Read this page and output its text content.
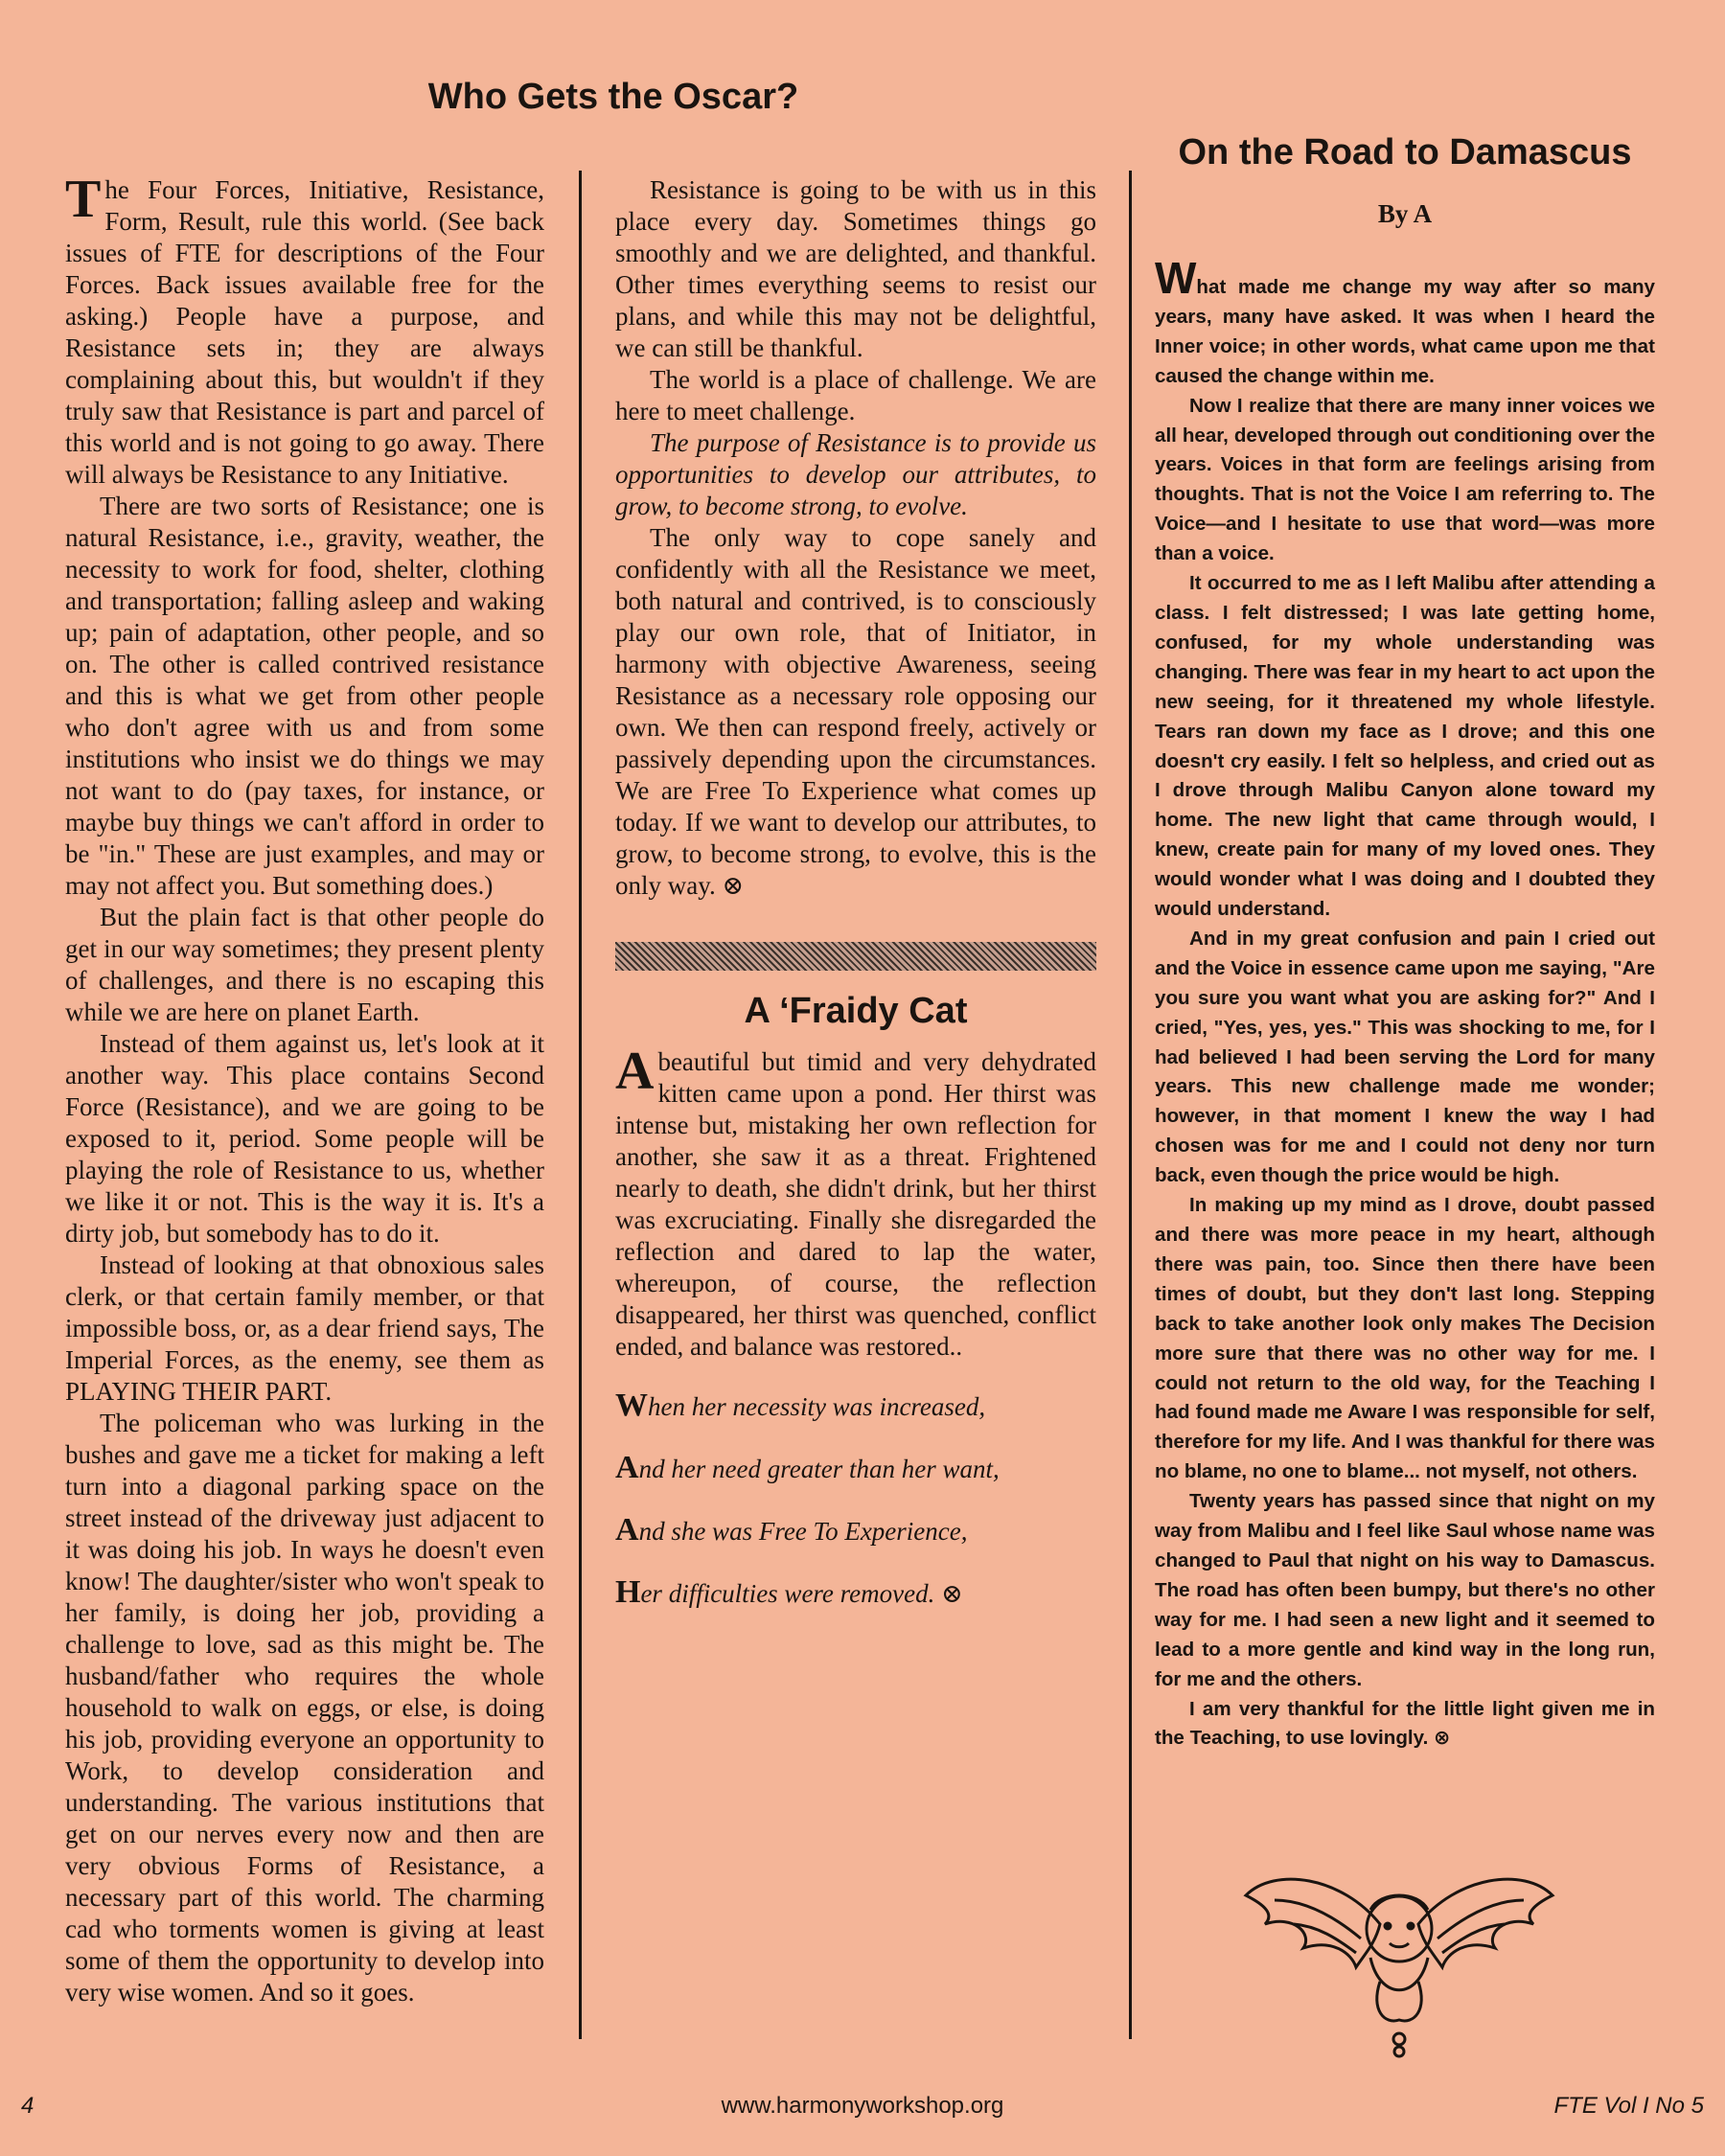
Who Gets the Oscar?

The Four Forces, Initiative, Resistance, Form, Result, rule this world. (See back issues of FTE for descriptions of the Four Forces. Back issues available free for the asking.) People have a purpose, and Resistance sets in; they are always complaining about this, but wouldn't if they truly saw that Resistance is part and parcel of this world and is not going to go away. There will always be Resistance to any Initiative.

There are two sorts of Resistance; one is natural Resistance, i.e., gravity, weather, the necessity to work for food, shelter, clothing and transportation; falling asleep and waking up; pain of adaptation, other people, and so on. The other is called contrived resistance and this is what we get from other people who don't agree with us and from some institutions who insist we do things we may not want to do (pay taxes, for instance, or maybe buy things we can't afford in order to be "in." These are just examples, and may or may not affect you. But something does.)

But the plain fact is that other people do get in our way sometimes; they present plenty of challenges, and there is no escaping this while we are here on planet Earth.

Instead of them against us, let's look at it another way. This place contains Second Force (Resistance), and we are going to be exposed to it, period. Some people will be playing the role of Resistance to us, whether we like it or not. This is the way it is. It's a dirty job, but somebody has to do it.

Instead of looking at that obnoxious sales clerk, or that certain family member, or that impossible boss, or, as a dear friend says, The Imperial Forces, as the enemy, see them as PLAYING THEIR PART.

The policeman who was lurking in the bushes and gave me a ticket for making a left turn into a diagonal parking space on the street instead of the driveway just adjacent to it was doing his job. In ways he doesn't even know! The daughter/sister who won't speak to her family, is doing her job, providing a challenge to love, sad as this might be. The husband/father who requires the whole household to walk on eggs, or else, is doing his job, providing everyone an opportunity to Work, to develop consideration and understanding. The various institutions that get on our nerves every now and then are very obvious Forms of Resistance, a necessary part of this world. The charming cad who torments women is giving at least some of them the opportunity to develop into very wise women. And so it goes.

Resistance is going to be with us in this place every day. Sometimes things go smoothly and we are delighted, and thankful. Other times everything seems to resist our plans, and while this may not be delightful, we can still be thankful.

The world is a place of challenge. We are here to meet challenge.

The purpose of Resistance is to provide us opportunities to develop our attributes, to grow, to become strong, to evolve.

The only way to cope sanely and confidently with all the Resistance we meet, both natural and contrived, is to consciously play our own role, that of Initiator, in harmony with objective Awareness, seeing Resistance as a necessary role opposing our own. We then can respond freely, actively or passively depending upon the circumstances. We are Free To Experience what comes up today. If we want to develop our attributes, to grow, to become strong, to evolve, this is the only way. ⊗

A ‘Fraidy Cat

Abeautiful but timid and very dehydrated kitten came upon a pond. Her thirst was intense but, mistaking her own reflection for another, she saw it as a threat. Frightened nearly to death, she didn't drink, but her thirst was excruciating. Finally she disregarded the reflection and dared to lap the water, whereupon, of course, the reflection disappeared, her thirst was quenched, conflict ended, and balance was restored..

When her necessity was increased,
And her need greater than her want,
And she was Free To Experience,
Her difficulties were removed. ⊗
On the Road to Damascus
By A

What made me change my way after so many years, many have asked. It was when I heard the Inner voice; in other words, what came upon me that caused the change within me.

Now I realize that there are many inner voices we all hear, developed through out conditioning over the years. Voices in that form are feelings arising from thoughts. That is not the Voice I am referring to. The Voice—and I hesitate to use that word—was more than a voice.

It occurred to me as I left Malibu after attending a class. I felt distressed; I was late getting home, confused, for my whole understanding was changing. There was fear in my heart to act upon the new seeing, for it threatened my whole lifestyle. Tears ran down my face as I drove; and this one doesn't cry easily. I felt so helpless, and cried out as I drove through Malibu Canyon alone toward my home. The new light that came through would, I knew, create pain for many of my loved ones. They would wonder what I was doing and I doubted they would understand.

And in my great confusion and pain I cried out and the Voice in essence came upon me saying, "Are you sure you want what you are asking for?" And I cried, "Yes, yes, yes." This was shocking to me, for I had believed I had been serving the Lord for many years. This new challenge made me wonder; however, in that moment I knew the way I had chosen was for me and I could not deny nor turn back, even though the price would be high.

In making up my mind as I drove, doubt passed and there was more peace in my heart, although there was pain, too. Since then there have been times of doubt, but they don't last long. Stepping back to take another look only makes The Decision more sure that there was no other way for me. I could not return to the old way, for the Teaching I had found made me Aware I was responsible for self, therefore for my life. And I was thankful for there was no blame, no one to blame... not myself, not others.

Twenty years has passed since that night on my way from Malibu and I feel like Saul whose name was changed to Paul that night on his way to Damascus. The road has often been bumpy, but there's no other way for me. I had seen a new light and it seemed to lead to a more gentle and kind way in the long run, for me and the others.

I am very thankful for the little light given me in the Teaching, to use lovingly. ⊗

4	www.harmonyworkshop.org	FTE Vol I No 5
